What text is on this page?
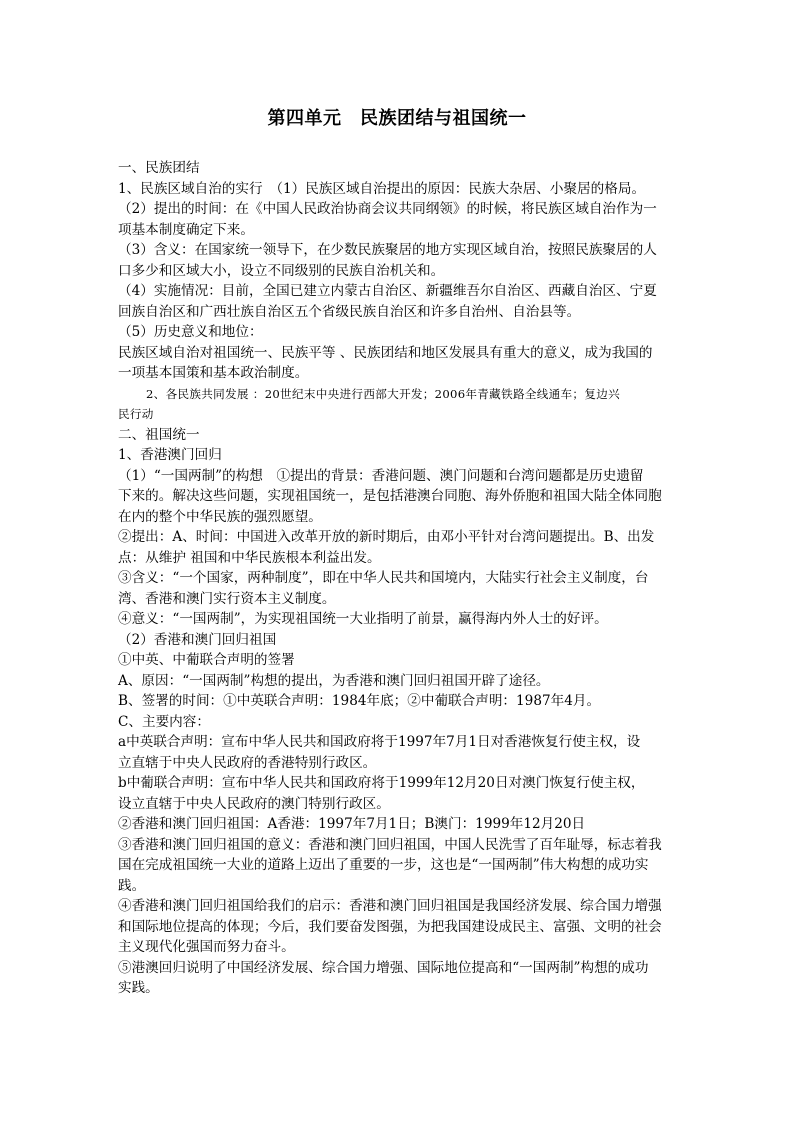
第四单元　民族团结与祖国统一
一、民族团结
1、民族区域自治的实行　（1）民族区域自治提出的原因：民族大杂居、小聚居的格局。
（2）提出的时间：在《中国人民政治协商会议共同纲领》的时候，将民族区域自治作为一
项基本制度确定下来。
（3）含义：在国家统一领导下，在少数民族聚居的地方实现区域自治，按照民族聚居的人
口多少和区域大小，设立不同级别的民族自治机关和。
（4）实施情况：目前，全国已建立内蒙古自治区、新疆维吾尔自治区、西藏自治区、宁夏
回族自治区和广西壮族自治区五个省级民族自治区和许多自治州、自治县等。
（5）历史意义和地位：
民族区域自治对祖国统一、民族平等 、民族团结和地区发展具有重大的意义，成为我国的
一项基本国策和基本政治制度。
2、各民族共同发展 ：20世纪末中央进行西部大开发；2006年青藏铁路全线通车；复边兴
民行动
二、祖国统一
1、香港澳门回归
（1）“一国两制”的构想　①提出的背景：香港问题、澳门问题和台湾问题都是历史遗留
下来的。解决这些问题，实现祖国统一，是包括港澳台同胞、海外侨胞和祖国大陆全体同胞
在内的整个中华民族的强烈愿望。
②提出：A、时间：中国进入改革开放的新时期后，由邓小平针对台湾问题提出。B、出发
点：从维护 祖国和中华民族根本利益出发。
③含义：“一个国家，两种制度”，即在中华人民共和国境内，大陆实行社会主义制度，台
湾、香港和澳门实行资本主义制度。
④意义：“一国两制”，为实现祖国统一大业指明了前景，赢得海内外人士的好评。
（2）香港和澳门回归祖国
①中英、中葡联合声明的签署
A、原因：“一国两制”构想的提出，为香港和澳门回归祖国开辟了途径。
B、签署的时间：①中英联合声明：1984年底；②中葡联合声明：1987年4月。
C、主要内容：
a中英联合声明：宣布中华人民共和国政府将于1997年7月1日对香港恢复行使主权，设
立直辖于中央人民政府的香港特别行政区。
b中葡联合声明：宣布中华人民共和国政府将于1999年12月20日对澳门恢复行使主权，
设立直辖于中央人民政府的澳门特别行政区。
②香港和澳门回归祖国：A香港：1997年7月1日；B澳门：1999年12月20日
③香港和澳门回归祖国的意义：香港和澳门回归祖国，中国人民洗雪了百年耻辱，标志着我
国在完成祖国统一大业的道路上迈出了重要的一步，这也是“一国两制”伟大构想的成功实
践。
④香港和澳门回归祖国给我们的启示：香港和澳门回归祖国是我国经济发展、综合国力增强
和国际地位提高的体现；今后，我们要奋发图强，为把我国建设成民主、富强、文明的社会
主义现代化强国而努力奋斗。
⑤港澳回归说明了中国经济发展、综合国力增强、国际地位提高和“一国两制”构想的成功
实践。
